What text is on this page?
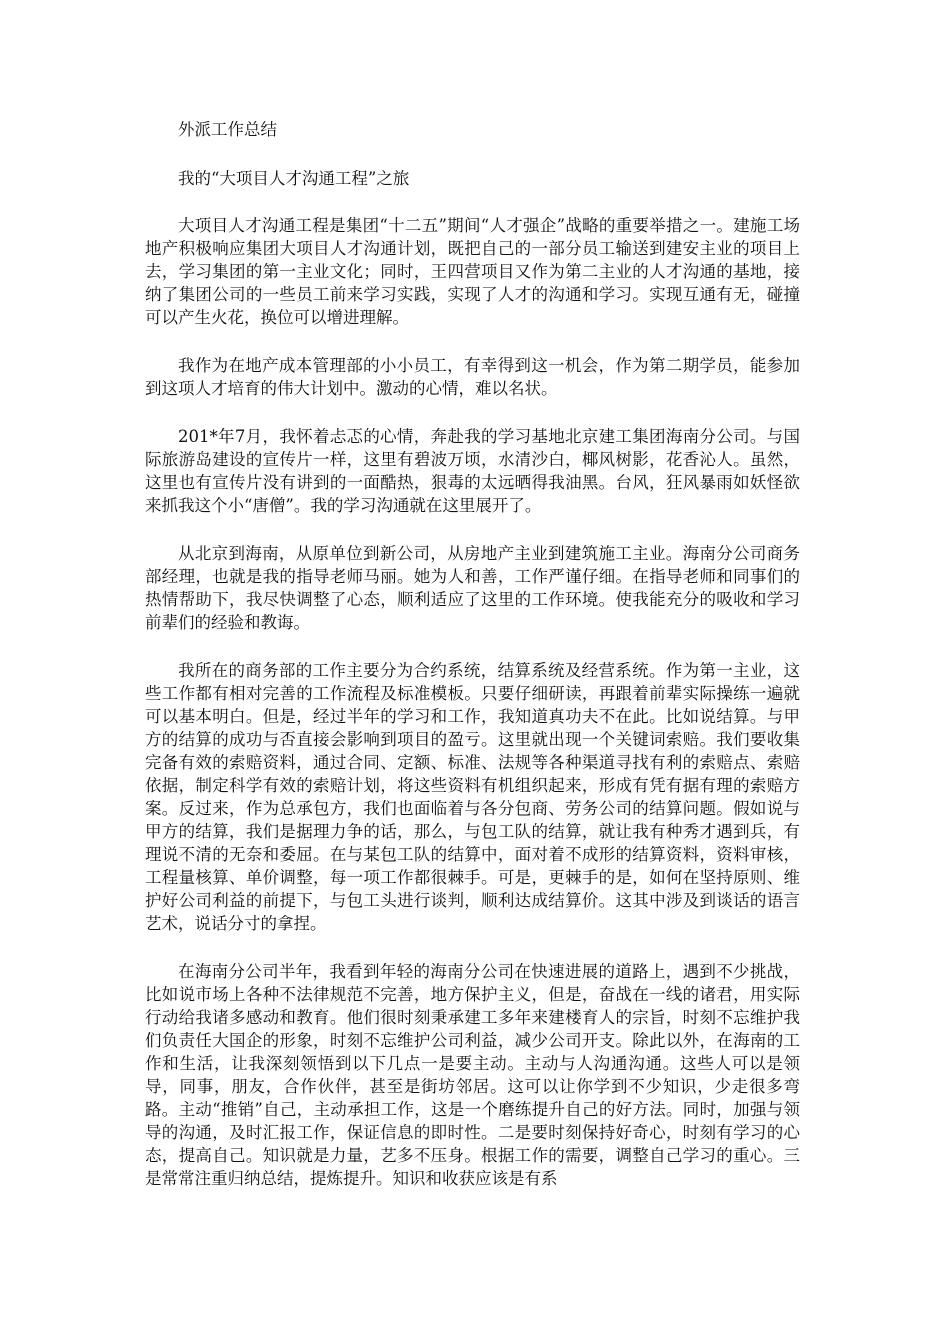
外派工作总结

我的“大项目人才沟通工程”之旅

大项目人才沟通工程是集团“十二五”期间“人才强企”战略的重要举措之一。建施工场地产积极响应集团大项目人才沟通计划，既把自己的一部分员工输送到建安主业的项目上去，学习集团的第一主业文化；同时，王四营项目又作为第二主业的人才沟通的基地，接纳了集团公司的一些员工前来学习实践，实现了人才的沟通和学习。实现互通有无，碰撞可以产生火花，换位可以增进理解。

我作为在地产成本管理部的小小员工，有幸得到这一机会，作为第二期学员，能参加到这项人才培育的伟大计划中。激动的心情，难以名状。

201*年7月，我怀着忐忑的心情，奔赴我的学习基地北京建工集团海南分公司。与国际旅游岛建设的宣传片一样，这里有碧波万顷，水清沙白，椰风树影，花香沁人。虽然，这里也有宣传片没有讲到的一面酷热，狠毒的太远晒得我油黑。台风，狂风暴雨如妖怪欲来抓我这个小“唐僧”。我的学习沟通就在这里展开了。

从北京到海南，从原单位到新公司，从房地产主业到建筑施工主业。海南分公司商务部经理，也就是我的指导老师马丽。她为人和善，工作严谨仔细。在指导老师和同事们的热情帮助下，我尽快调整了心态，顺利适应了这里的工作环境。使我能充分的吸收和学习前辈们的经验和教诲。

我所在的商务部的工作主要分为合约系统，结算系统及经营系统。作为第一主业，这些工作都有相对完善的工作流程及标准模板。只要仔细研读，再跟着前辈实际操练一遍就可以基本明白。但是，经过半年的学习和工作，我知道真功夫不在此。比如说结算。与甲方的结算的成功与否直接会影响到项目的盈亏。这里就出现一个关键词索赔。我们要收集完备有效的索赔资料，通过合同、定额、标准、法规等各种渠道寻找有利的索赔点、索赔依据，制定科学有效的索赔计划，将这些资料有机组织起来，形成有凭有据有理的索赔方案。反过来，作为总承包方，我们也面临着与各分包商、劳务公司的结算问题。假如说与甲方的结算，我们是据理力争的话，那么，与包工队的结算，就让我有种秀才遇到兵，有理说不清的无奈和委屈。在与某包工队的结算中，面对着不成形的结算资料，资料审核，工程量核算、单价调整，每一项工作都很棘手。可是，更棘手的是，如何在坚持原则、维护好公司利益的前提下，与包工头进行谈判，顺利达成结算价。这其中涉及到谈话的语言艺术，说话分寸的拿捏。

在海南分公司半年，我看到年轻的海南分公司在快速进展的道路上，遇到不少挑战，比如说市场上各种不法律规范不完善，地方保护主义，但是，奋战在一线的诸君，用实际行动给我诸多感动和教育。他们很时刻秉承建工多年来建楼育人的宗旨，时刻不忘维护我们负责任大国企的形象，时刻不忘维护公司利益，减少公司开支。除此以外，在海南的工作和生活，让我深刻领悟到以下几点一是要主动。主动与人沟通沟通。这些人可以是领导，同事，朋友，合作伙伴，甚至是街坊邻居。这可以让你学到不少知识，少走很多弯路。主动“推销”自己，主动承担工作，这是一个磨练提升自己的好方法。同时，加强与领导的沟通，及时汇报工作，保证信息的即时性。二是要时刻保持好奇心，时刻有学习的心态，提高自己。知识就是力量，艺多不压身。根据工作的需要，调整自己学习的重心。三是常常注重归纳总结，提炼提升。知识和收获应该是有系
